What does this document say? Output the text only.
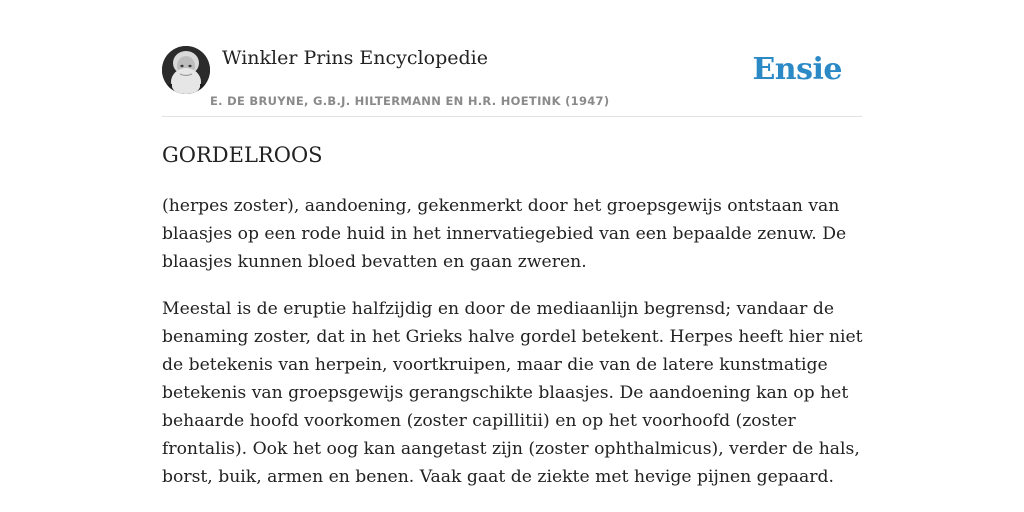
Winkler Prins Encyclopedie
E. DE BRUYNE, G.B.J. HILTERMANN EN H.R. HOETINK (1947)
Ensie
GORDELROOS

(herpes zoster), aandoening, gekenmerkt door het groepsgewijs ontstaan van blaasjes op een rode huid in het innervatiegebied van een bepaalde zenuw. De blaasjes kunnen bloed bevatten en gaan zweren.

Meestal is de eruptie halfzijdig en door de mediaanlijn begrensd; vandaar de benaming zoster, dat in het Grieks halve gordel betekent. Herpes heeft hier niet de betekenis van herpein, voortkruipen, maar die van de latere kunstmatige betekenis van groepsgewijs gerangschikte blaasjes. De aandoening kan op het behaarde hoofd voorkomen (zoster capillitii) en op het voorhoofd (zoster frontalis). Ook het oog kan aangetast zijn (zoster ophthalmicus), verder de hals, borst, buik, armen en benen. Vaak gaat de ziekte met hevige pijnen gepaard.
